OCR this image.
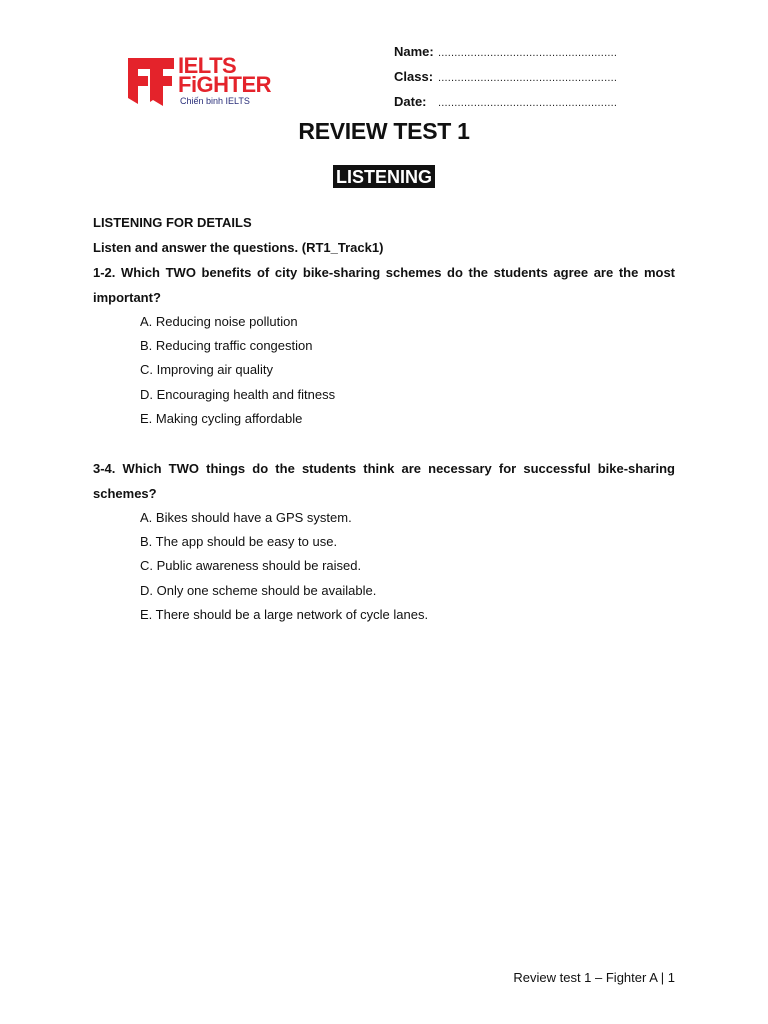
IELTS
FiGHTER
Chiến binh IELTS
Name: .......................................................
Class: .......................................................
Date:	.......................................................
REVIEW TEST 1
LISTENING
LISTENING FOR DETAILS
Listen and answer the questions. (RT1_Track1)
1-2. Which TWO benefits of city bike-sharing schemes do the students agree are the most important?
A. Reducing noise pollution
B. Reducing traffic congestion
C. Improving air quality
D. Encouraging health and fitness
E. Making cycling affordable
3-4. Which TWO things do the students think are necessary for successful bike-sharing schemes?
A. Bikes should have a GPS system.
B. The app should be easy to use.
C. Public awareness should be raised.
D. Only one scheme should be available.
E. There should be a large network of cycle lanes.
Review test 1 – Fighter A | 1
